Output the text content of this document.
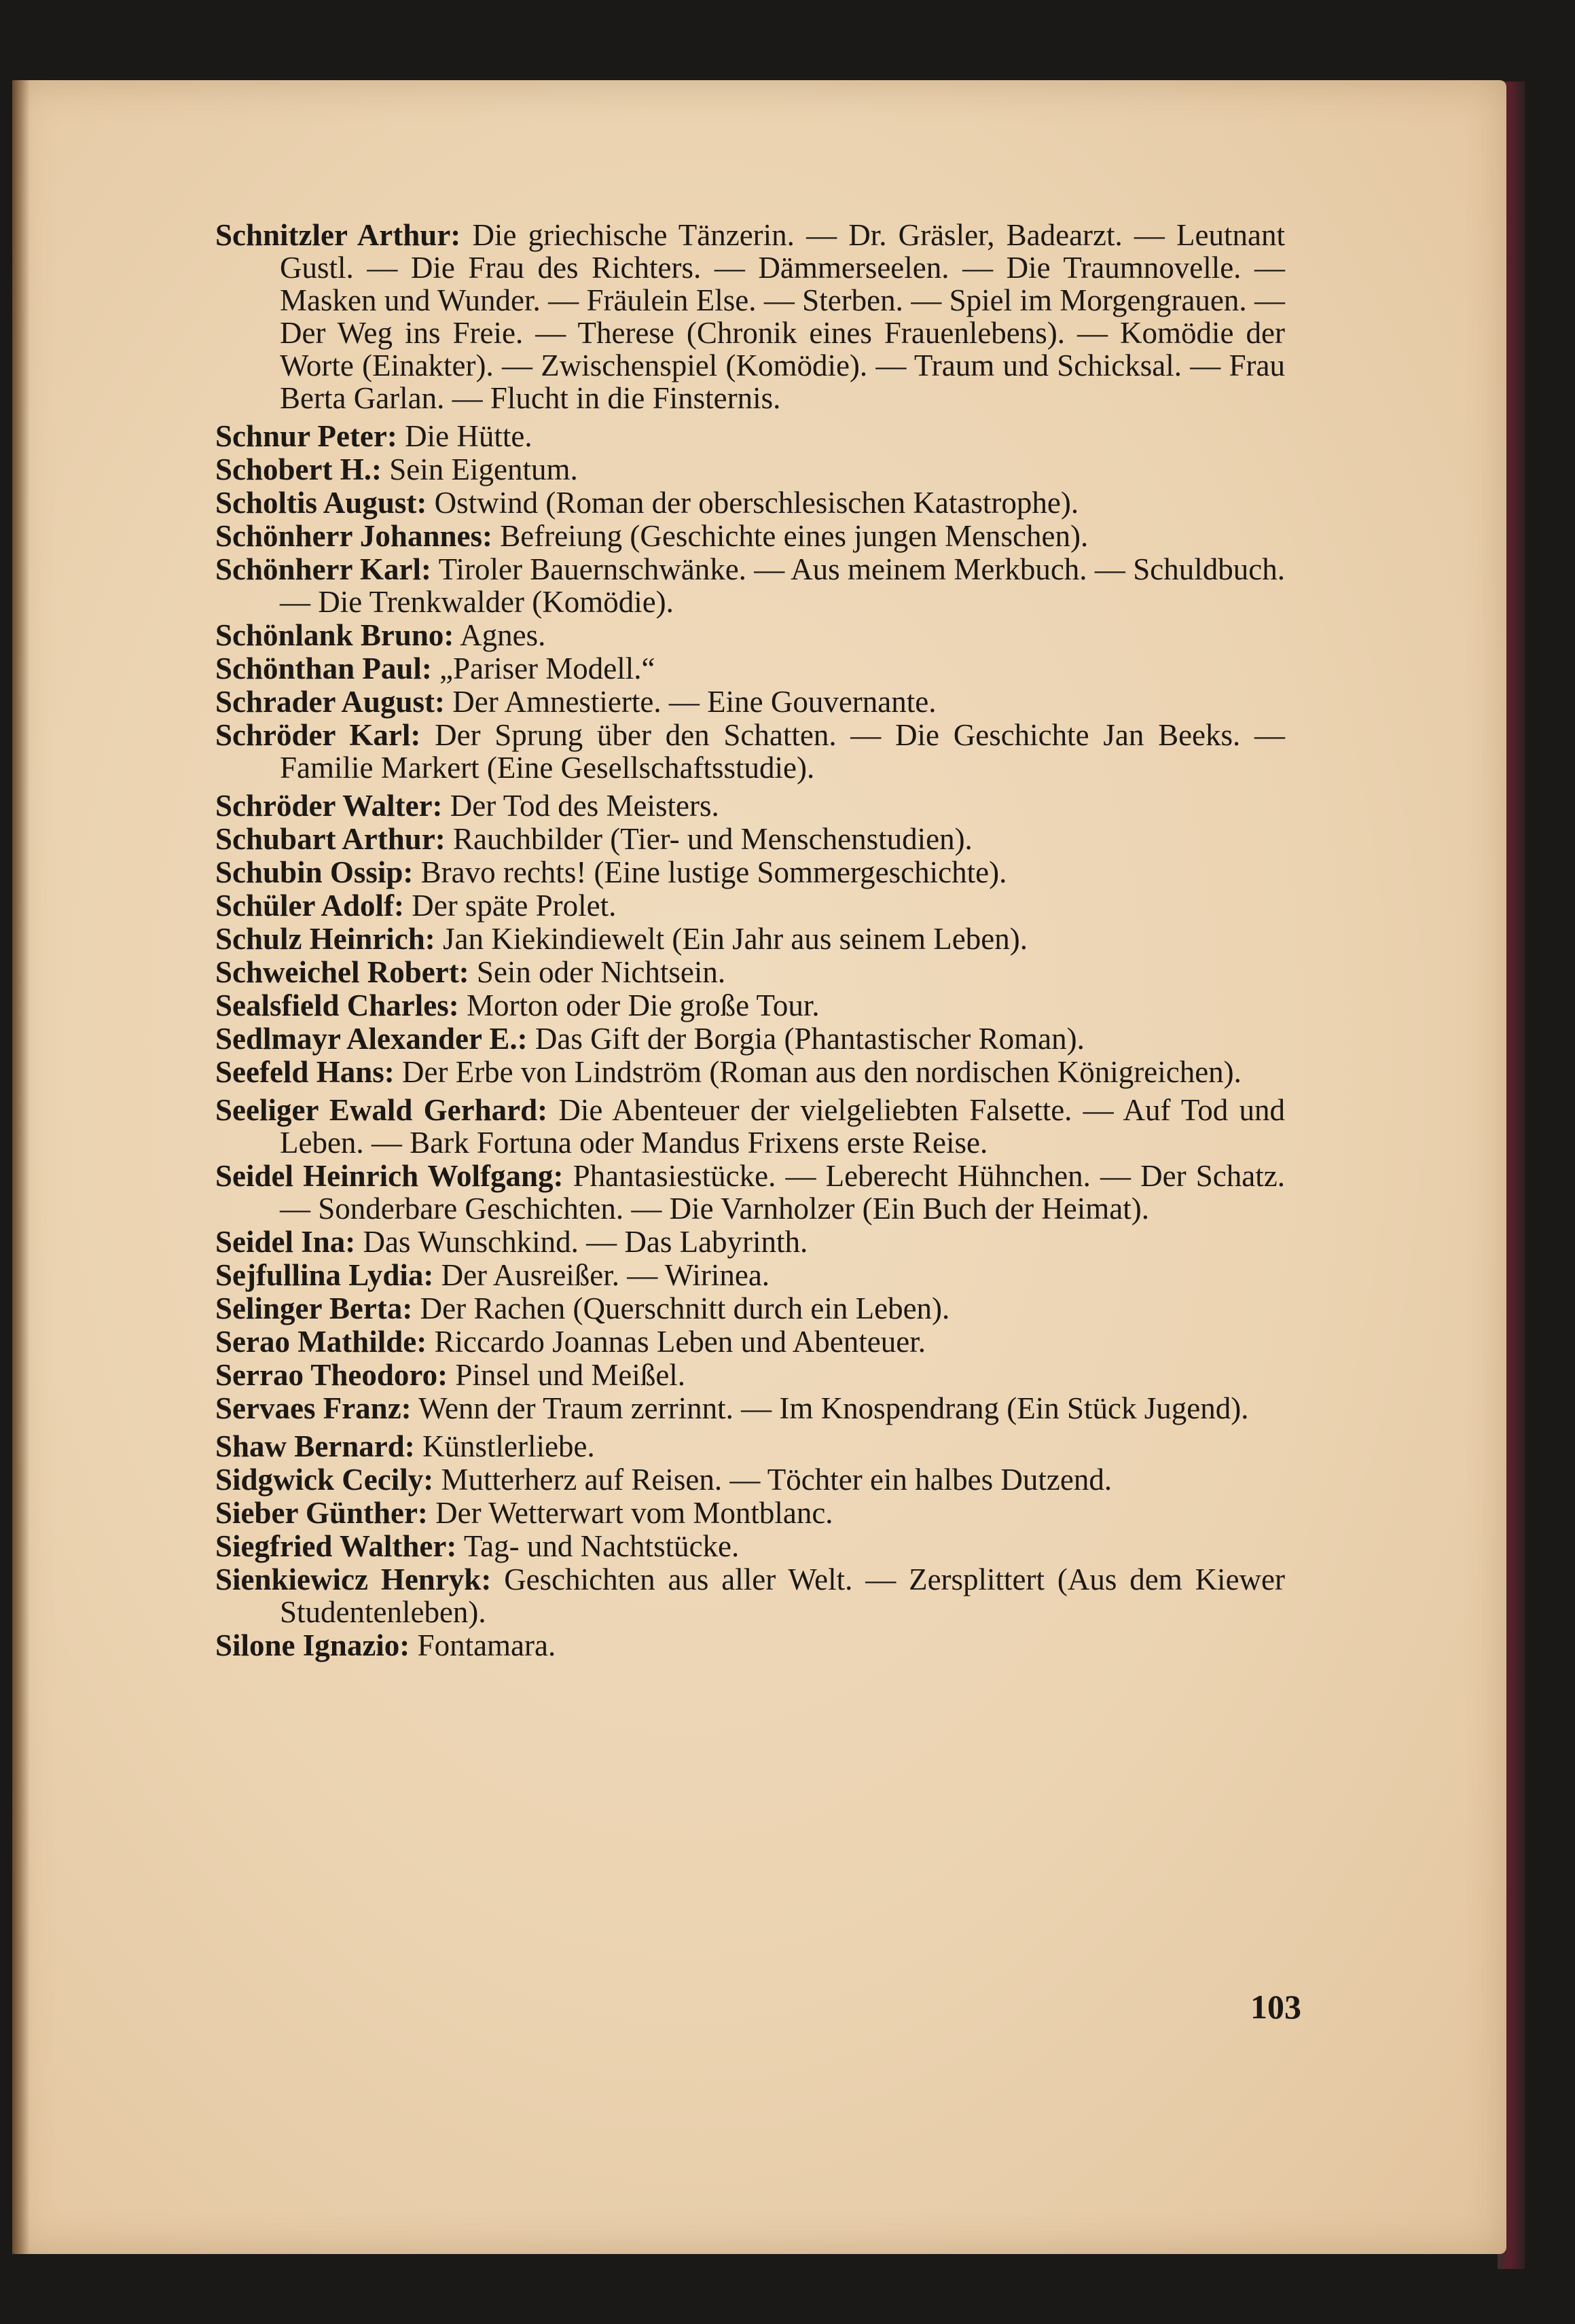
Schnitzler Arthur: Die griechische Tänzerin. — Dr. Gräsler, Badearzt. — Leutnant Gustl. — Die Frau des Richters. — Dämmerseelen. — Die Traumnovelle. — Masken und Wunder. — Fräulein Else. — Sterben. — Spiel im Morgengrauen. — Der Weg ins Freie. — Therese (Chronik eines Frauenlebens). — Komödie der Worte (Einakter). — Zwischenspiel (Komödie). — Traum und Schicksal. — Frau Berta Garlan. — Flucht in die Finsternis.
Schnur Peter: Die Hütte.
Schobert H.: Sein Eigentum.
Scholtis August: Ostwind (Roman der oberschlesischen Katastrophe).
Schönherr Johannes: Befreiung (Geschichte eines jungen Menschen).
Schönherr Karl: Tiroler Bauernschwänke. — Aus meinem Merkbuch. — Schuldbuch. — Die Trenkwalder (Komödie).
Schönlank Bruno: Agnes.
Schönthan Paul: „Pariser Modell.“
Schrader August: Der Amnestierte. — Eine Gouvernante.
Schröder Karl: Der Sprung über den Schatten. — Die Geschichte Jan Beeks. — Familie Markert (Eine Gesellschaftsstudie).
Schröder Walter: Der Tod des Meisters.
Schubart Arthur: Rauchbilder (Tier- und Menschenstudien).
Schubin Ossip: Bravo rechts! (Eine lustige Sommergeschichte).
Schüler Adolf: Der späte Prolet.
Schulz Heinrich: Jan Kiekindiewelt (Ein Jahr aus seinem Leben).
Schweichel Robert: Sein oder Nichtsein.
Sealsfield Charles: Morton oder Die große Tour.
Sedlmayr Alexander E.: Das Gift der Borgia (Phantastischer Roman).
Seefeld Hans: Der Erbe von Lindström (Roman aus den nordischen Königreichen).
Seeliger Ewald Gerhard: Die Abenteuer der vielgeliebten Falsette. — Auf Tod und Leben. — Bark Fortuna oder Mandus Frixens erste Reise.
Seidel Heinrich Wolfgang: Phantasiestücke. — Leberecht Hühnchen. — Der Schatz. — Sonderbare Geschichten. — Die Varnholzer (Ein Buch der Heimat).
Seidel Ina: Das Wunschkind. — Das Labyrinth.
Sejfullina Lydia: Der Ausreißer. — Wirinea.
Selinger Berta: Der Rachen (Querschnitt durch ein Leben).
Serao Mathilde: Riccardo Joannas Leben und Abenteuer.
Serrao Theodoro: Pinsel und Meißel.
Servaes Franz: Wenn der Traum zerrinnt. — Im Knospendrang (Ein Stück Jugend).
Shaw Bernard: Künstlerliebe.
Sidgwick Cecily: Mutterherz auf Reisen. — Töchter ein halbes Dutzend.
Sieber Günther: Der Wetterwart vom Montblanc.
Siegfried Walther: Tag- und Nachtstücke.
Sienkiewicz Henryk: Geschichten aus aller Welt. — Zersplittert (Aus dem Kiewer Studentenleben).
Silone Ignazio: Fontamara.
103
